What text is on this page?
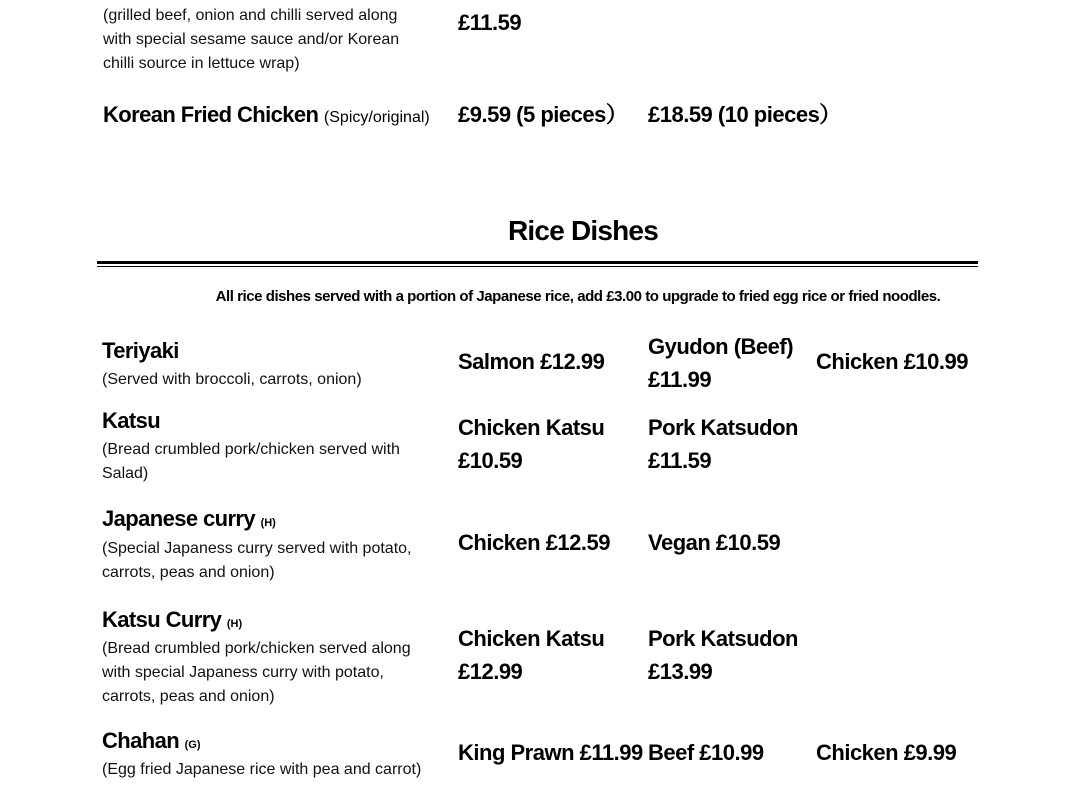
(grilled beef, onion and chilli served along
with special sesame sauce and/or Korean
chilli source in lettuce wrap)
£11.59
Korean Fried Chicken (Spicy/original) £9.59 (5 pieces） £18.59 (10 pieces）
Rice Dishes
All rice dishes served with a portion of Japanese rice, add £3.00 to upgrade to fried egg rice or fried noodles.
Teriyaki
(Served with broccoli, carrots, onion)
Salmon £12.99
Gyudon (Beef)
£11.99
Chicken £10.99
Katsu
(Bread crumbled pork/chicken served with
Salad)
Chicken Katsu
£10.59
Pork Katsudon
£11.59
Japanese curry (H)
(Special Japaness curry served with potato,
carrots, peas and onion)
Chicken £12.59 Vegan £10.59
Katsu Curry (H)
(Bread crumbled pork/chicken served along
with special Japaness curry with potato,
carrots, peas and onion)
Chicken Katsu
£12.99
Pork Katsudon
£13.99
Chahan (G)
(Egg fried Japanese rice with pea and carrot)
King Prawn £11.99 Beef £10.99 Chicken £9.99
